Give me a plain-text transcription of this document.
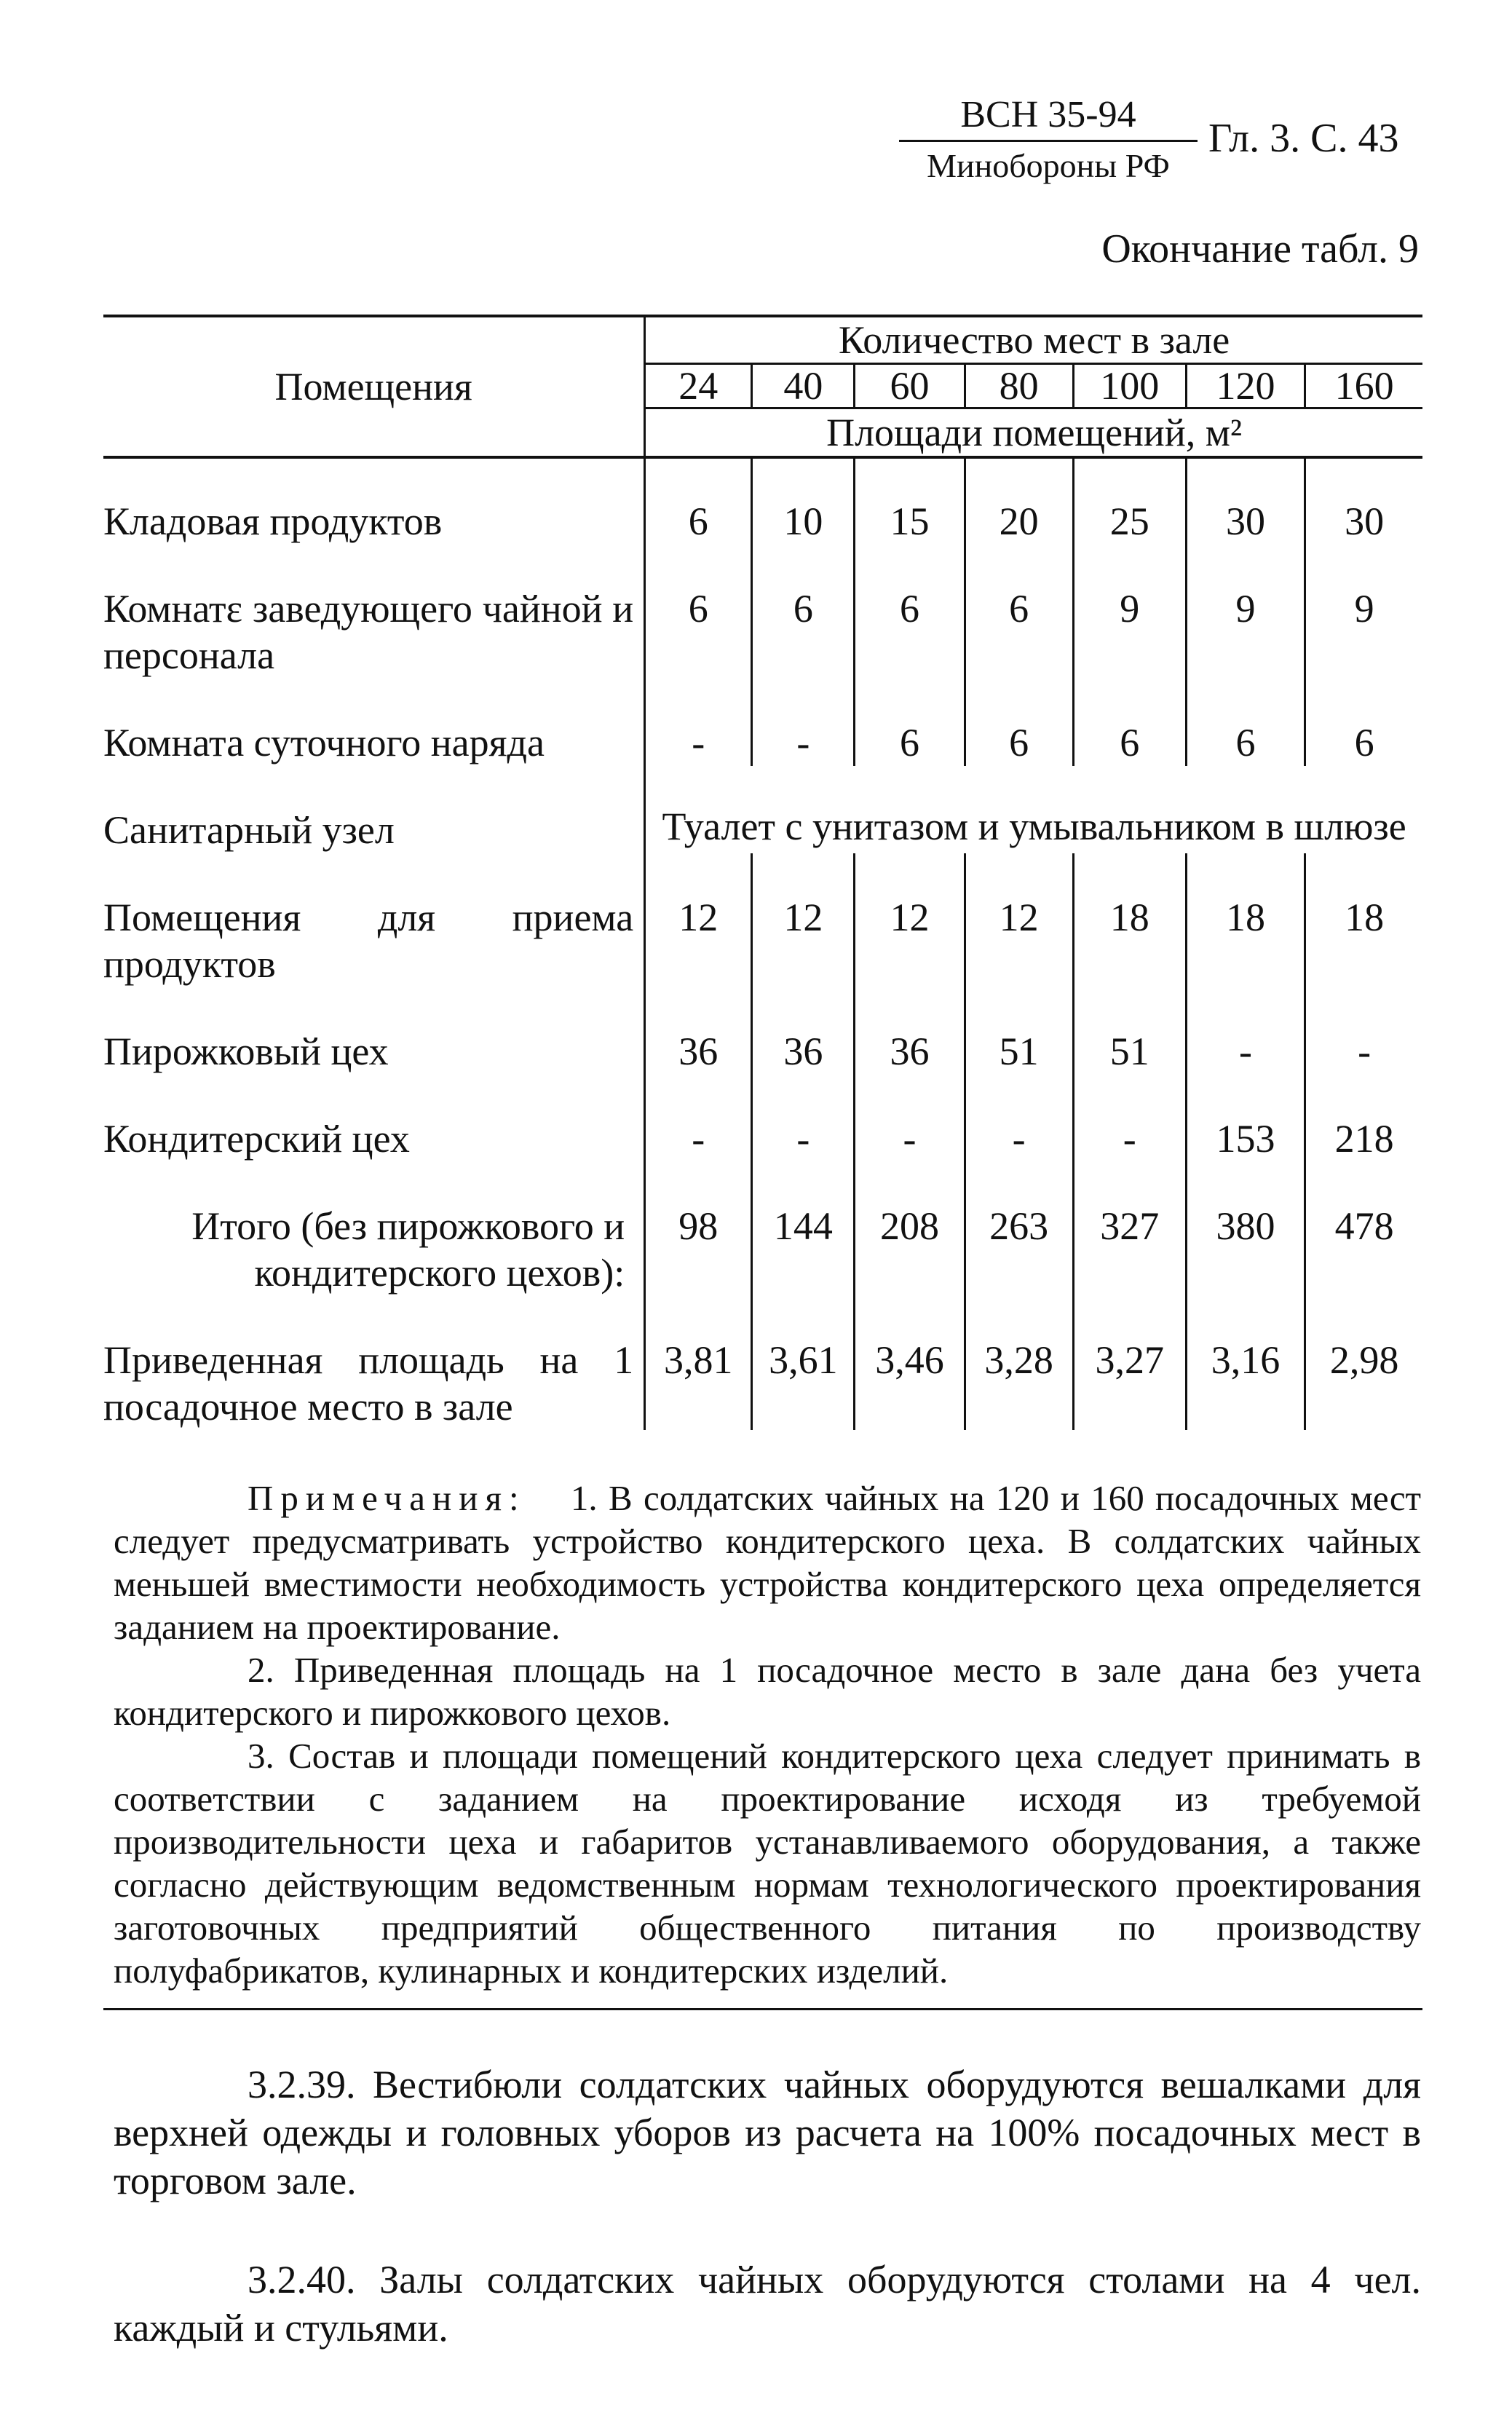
ВСН 35-94
Минобороны РФ
Гл. 3. С. 43
Окончание табл. 9
Помещения	Количество мест в зале						
	24	40	60	80	100	120	160
	Площади помещений, м²						
Кладовая продуктов	6	10	15	20	25	30	30
Комнатɛ заведующего чайной и персонала	6	6	6	6	9	9	9
Комната суточного наряда	-	-	6	6	6	6	6
Санитарный узел	Туалет с унитазом и умывальником в шлюзе						
Помещения для приема продуктов	12	12	12	12	18	18	18
Пирожковый цех	36	36	36	51	51	-	-
Кондитерский цех	-	-	-	-	-	153	218
Итого (без пирожкового и кондитерского цехов):	98	144	208	263	327	380	478
Приведенная площадь на 1 посадочное место в зале	3,81	3,61	3,46	3,28	3,27	3,16	2,98

Примечания: 1. В солдатских чайных на 120 и 160 посадочных мест следует предусматривать устройство кондитерского цеха. В солдатских чайных меньшей вместимости необходимость устройства кондитерского цеха определяется заданием на проектирование.

2. Приведенная площадь на 1 посадочное место в зале дана без учета кондитерского и пирожкового цехов.

3. Состав и площади помещений кондитерского цеха следует принимать в соответствии с заданием на проектирование исходя из требуемой производительности цеха и габаритов устанавливаемого оборудования, а также согласно действующим ведомственным нормам технологического проектирования заготовочных предприятий общественного питания по производству полуфабрикатов, кулинарных и кондитерских изделий.

3.2.39. Вестибюли солдатских чайных оборудуются вешалками для верхней одежды и головных уборов из расчета на 100% посадочных мест в торговом зале.

3.2.40. Залы солдатских чайных оборудуются столами на 4 чел. каждый и стульями.
